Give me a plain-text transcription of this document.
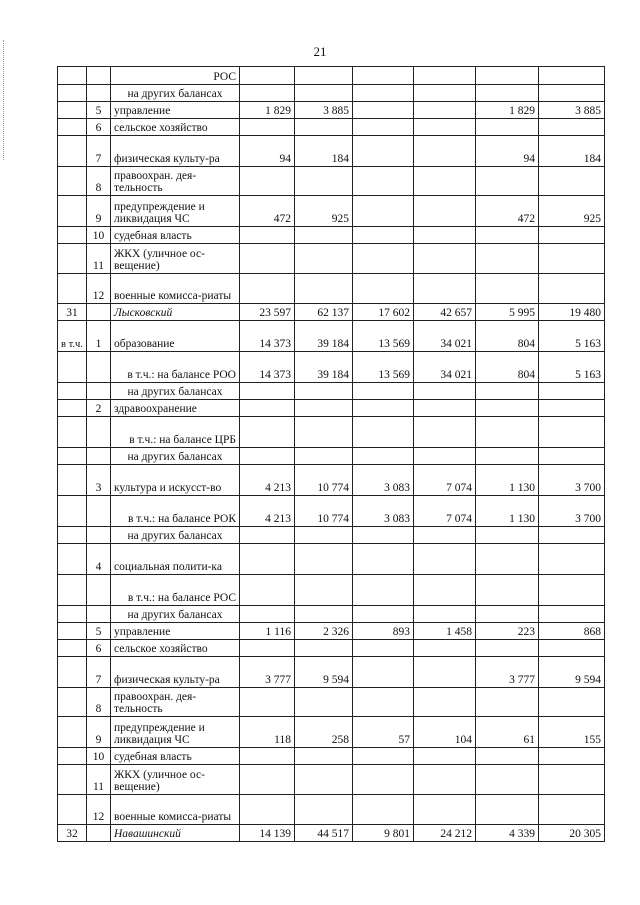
21
		РОС						
		на других балансах						
	5	управление	1 829	3 885			1 829	3 885
	6	сельское хозяйство						
	7	физическая культу-ра	94	184			94	184
	8	правоохран. дея-тельность						
	9	предупреждение и ликвидация ЧС	472	925			472	925
	10	судебная власть						
	11	ЖКХ (уличное ос-вещение)						
	12	военные комисса-риаты						
31		Лысковский	23 597	62 137	17 602	42 657	5 995	19 480
в т.ч.	1	образование	14 373	39 184	13 569	34 021	804	5 163
		в т.ч.: на балансе РОО	14 373	39 184	13 569	34 021	804	5 163
		на других балансах						
	2	здравоохранение						
		в т.ч.: на балансе ЦРБ						
		на других балансах						
	3	культура и искусст-во	4 213	10 774	3 083	7 074	1 130	3 700
		в т.ч.: на балансе РОК	4 213	10 774	3 083	7 074	1 130	3 700
		на других балансах						
	4	социальная полити-ка						
		в т.ч.: на балансе РОС						
		на других балансах						
	5	управление	1 116	2 326	893	1 458	223	868
	6	сельское хозяйство						
	7	физическая культу-ра	3 777	9 594			3 777	9 594
	8	правоохран. дея-тельность						
	9	предупреждение и ликвидация ЧС	118	258	57	104	61	155
	10	судебная власть						
	11	ЖКХ (уличное ос-вещение)						
	12	военные комисса-риаты						
32		Навашинский	14 139	44 517	9 801	24 212	4 339	20 305
